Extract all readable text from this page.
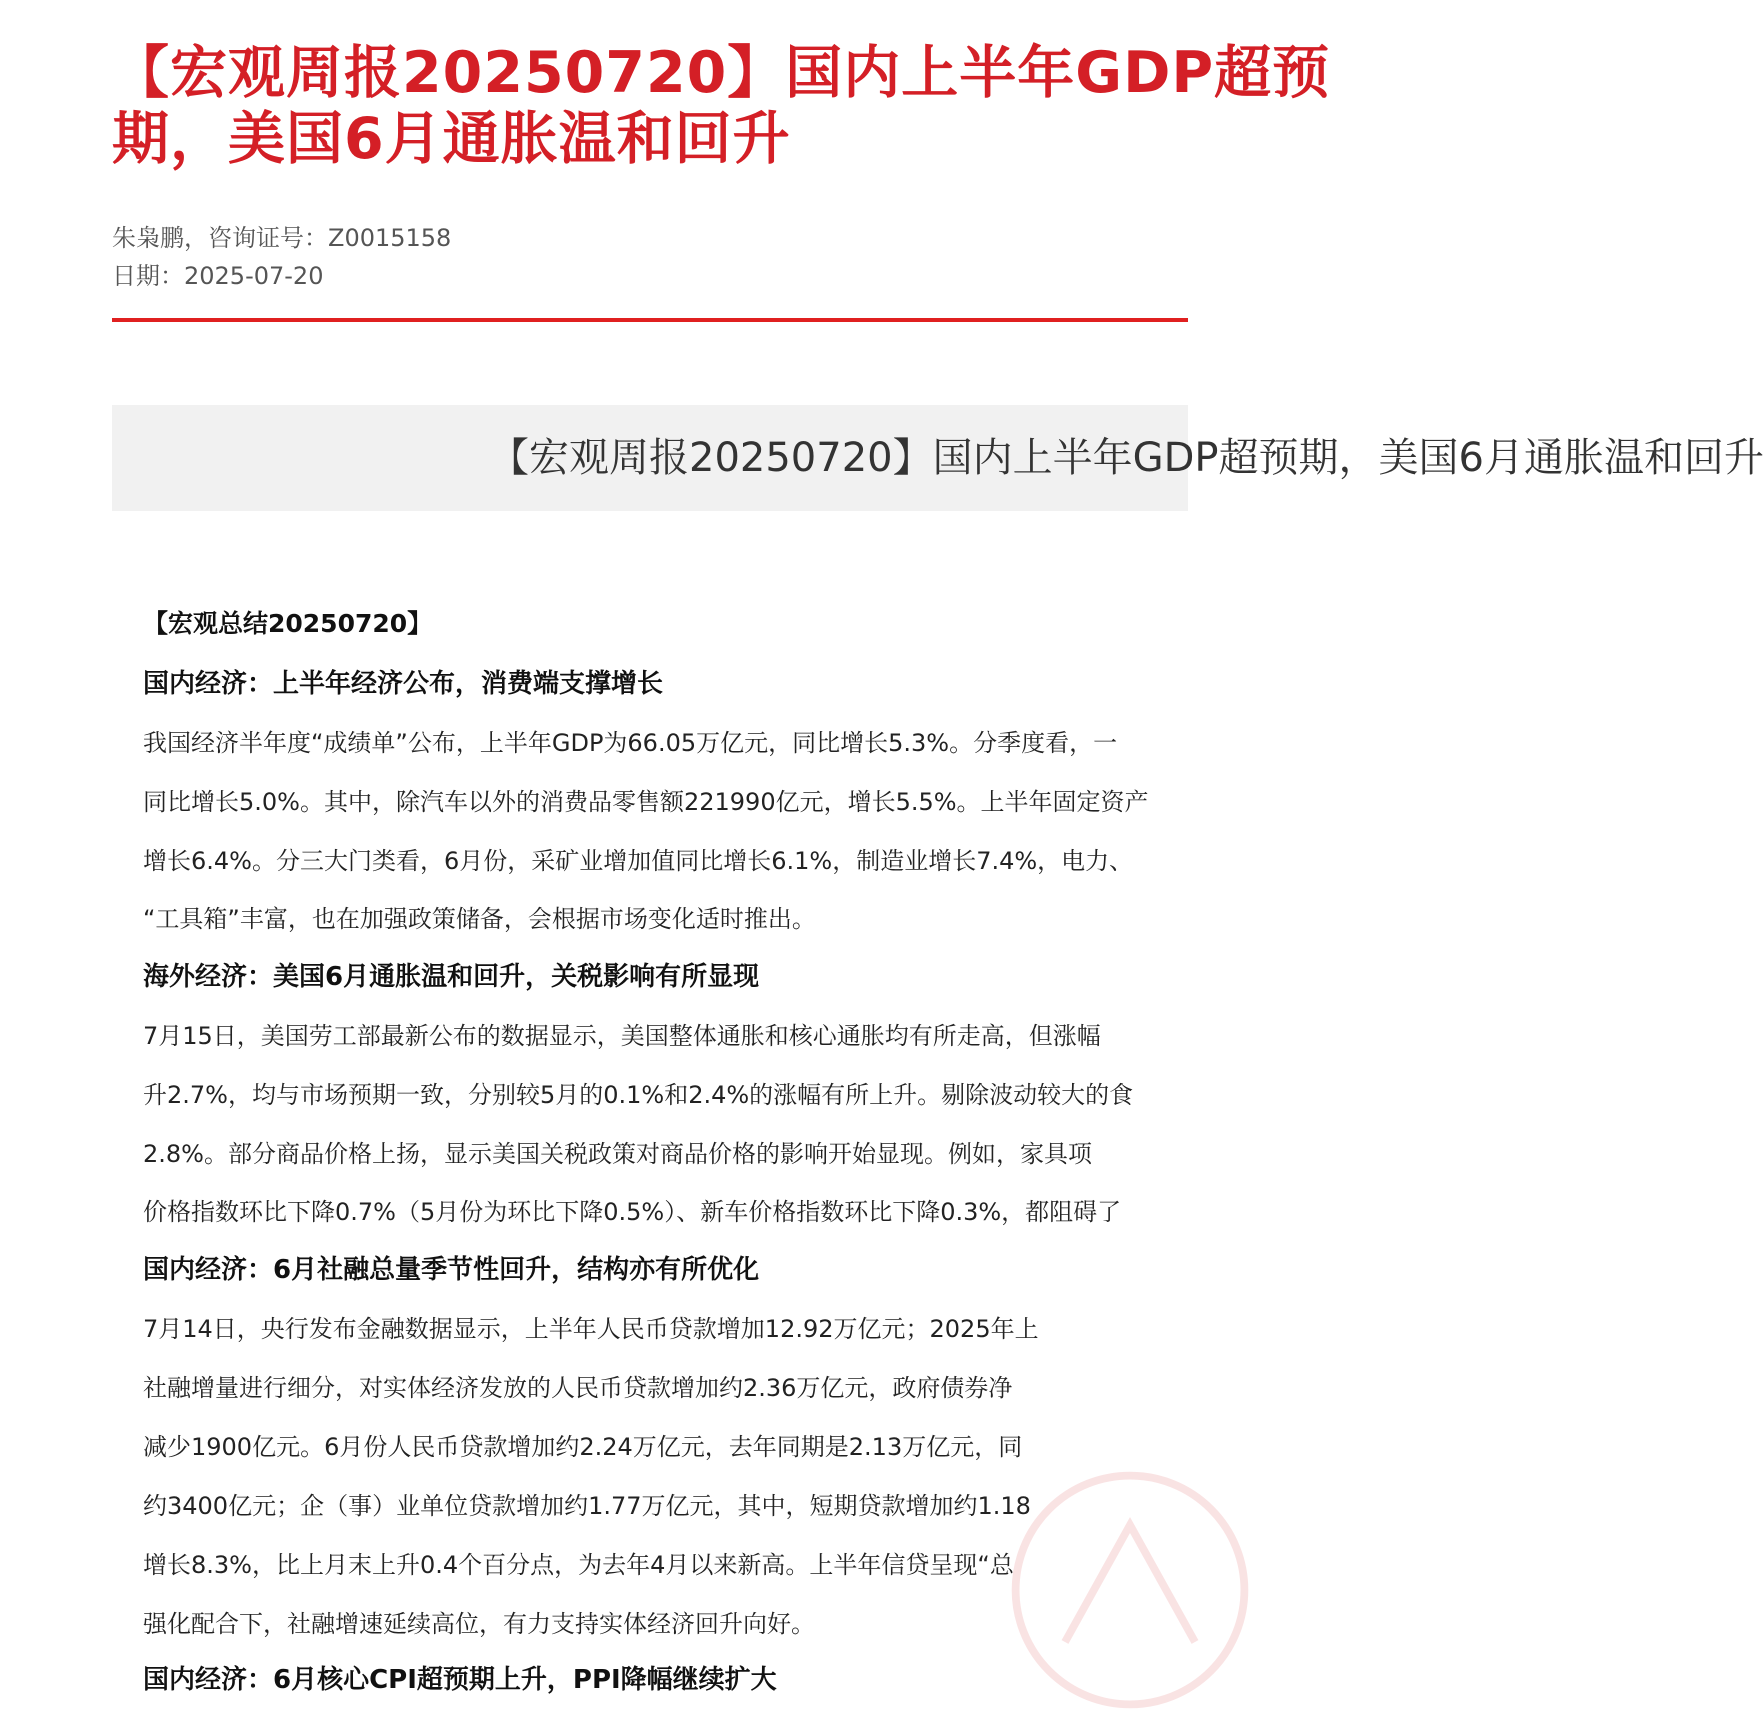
【宏观周报20250720】国内上半年GDP超预期，美国6月通胀温和回升
朱枭鹏，咨询证号：Z0015158
日期：2025-07-20
【宏观周报20250720】国内上半年GDP超预期，美国6月通胀温和回升
【宏观总结20250720】
国内经济：上半年经济公布，消费端支撑增长
我国经济半年度“成绩单”公布，上半年GDP为66.05万亿元，同比增长5.3%。分季度看，一
同比增长5.0%。其中，除汽车以外的消费品零售额221990亿元，增长5.5%。上半年固定资产
增长6.4%。分三大门类看，6月份，采矿业增加值同比增长6.1%，制造业增长7.4%，电力、
“工具箱”丰富，也在加强政策储备，会根据市场变化适时推出。
海外经济：美国6月通胀温和回升，关税影响有所显现
7月15日，美国劳工部最新公布的数据显示，美国整体通胀和核心通胀均有所走高，但涨幅
升2.7%，均与市场预期一致，分别较5月的0.1%和2.4%的涨幅有所上升。剔除波动较大的食
2.8%。部分商品价格上扬，显示美国关税政策对商品价格的影响开始显现。例如，家具项
价格指数环比下降0.7%（5月份为环比下降0.5%）、新车价格指数环比下降0.3%，都阻碍了
国内经济：6月社融总量季节性回升，结构亦有所优化
7月14日，央行发布金融数据显示，上半年人民币贷款增加12.92万亿元；2025年上
社融增量进行细分，对实体经济发放的人民币贷款增加约2.36万亿元，政府债券净
减少1900亿元。6月份人民币贷款增加约2.24万亿元，去年同期是2.13万亿元，同
约3400亿元；企（事）业单位贷款增加约1.77万亿元，其中，短期贷款增加约1.18
增长8.3%，比上月末上升0.4个百分点，为去年4月以来新高。上半年信贷呈现“总
强化配合下，社融增速延续高位，有力支持实体经济回升向好。
国内经济：6月核心CPI超预期上升，PPI降幅继续扩大
